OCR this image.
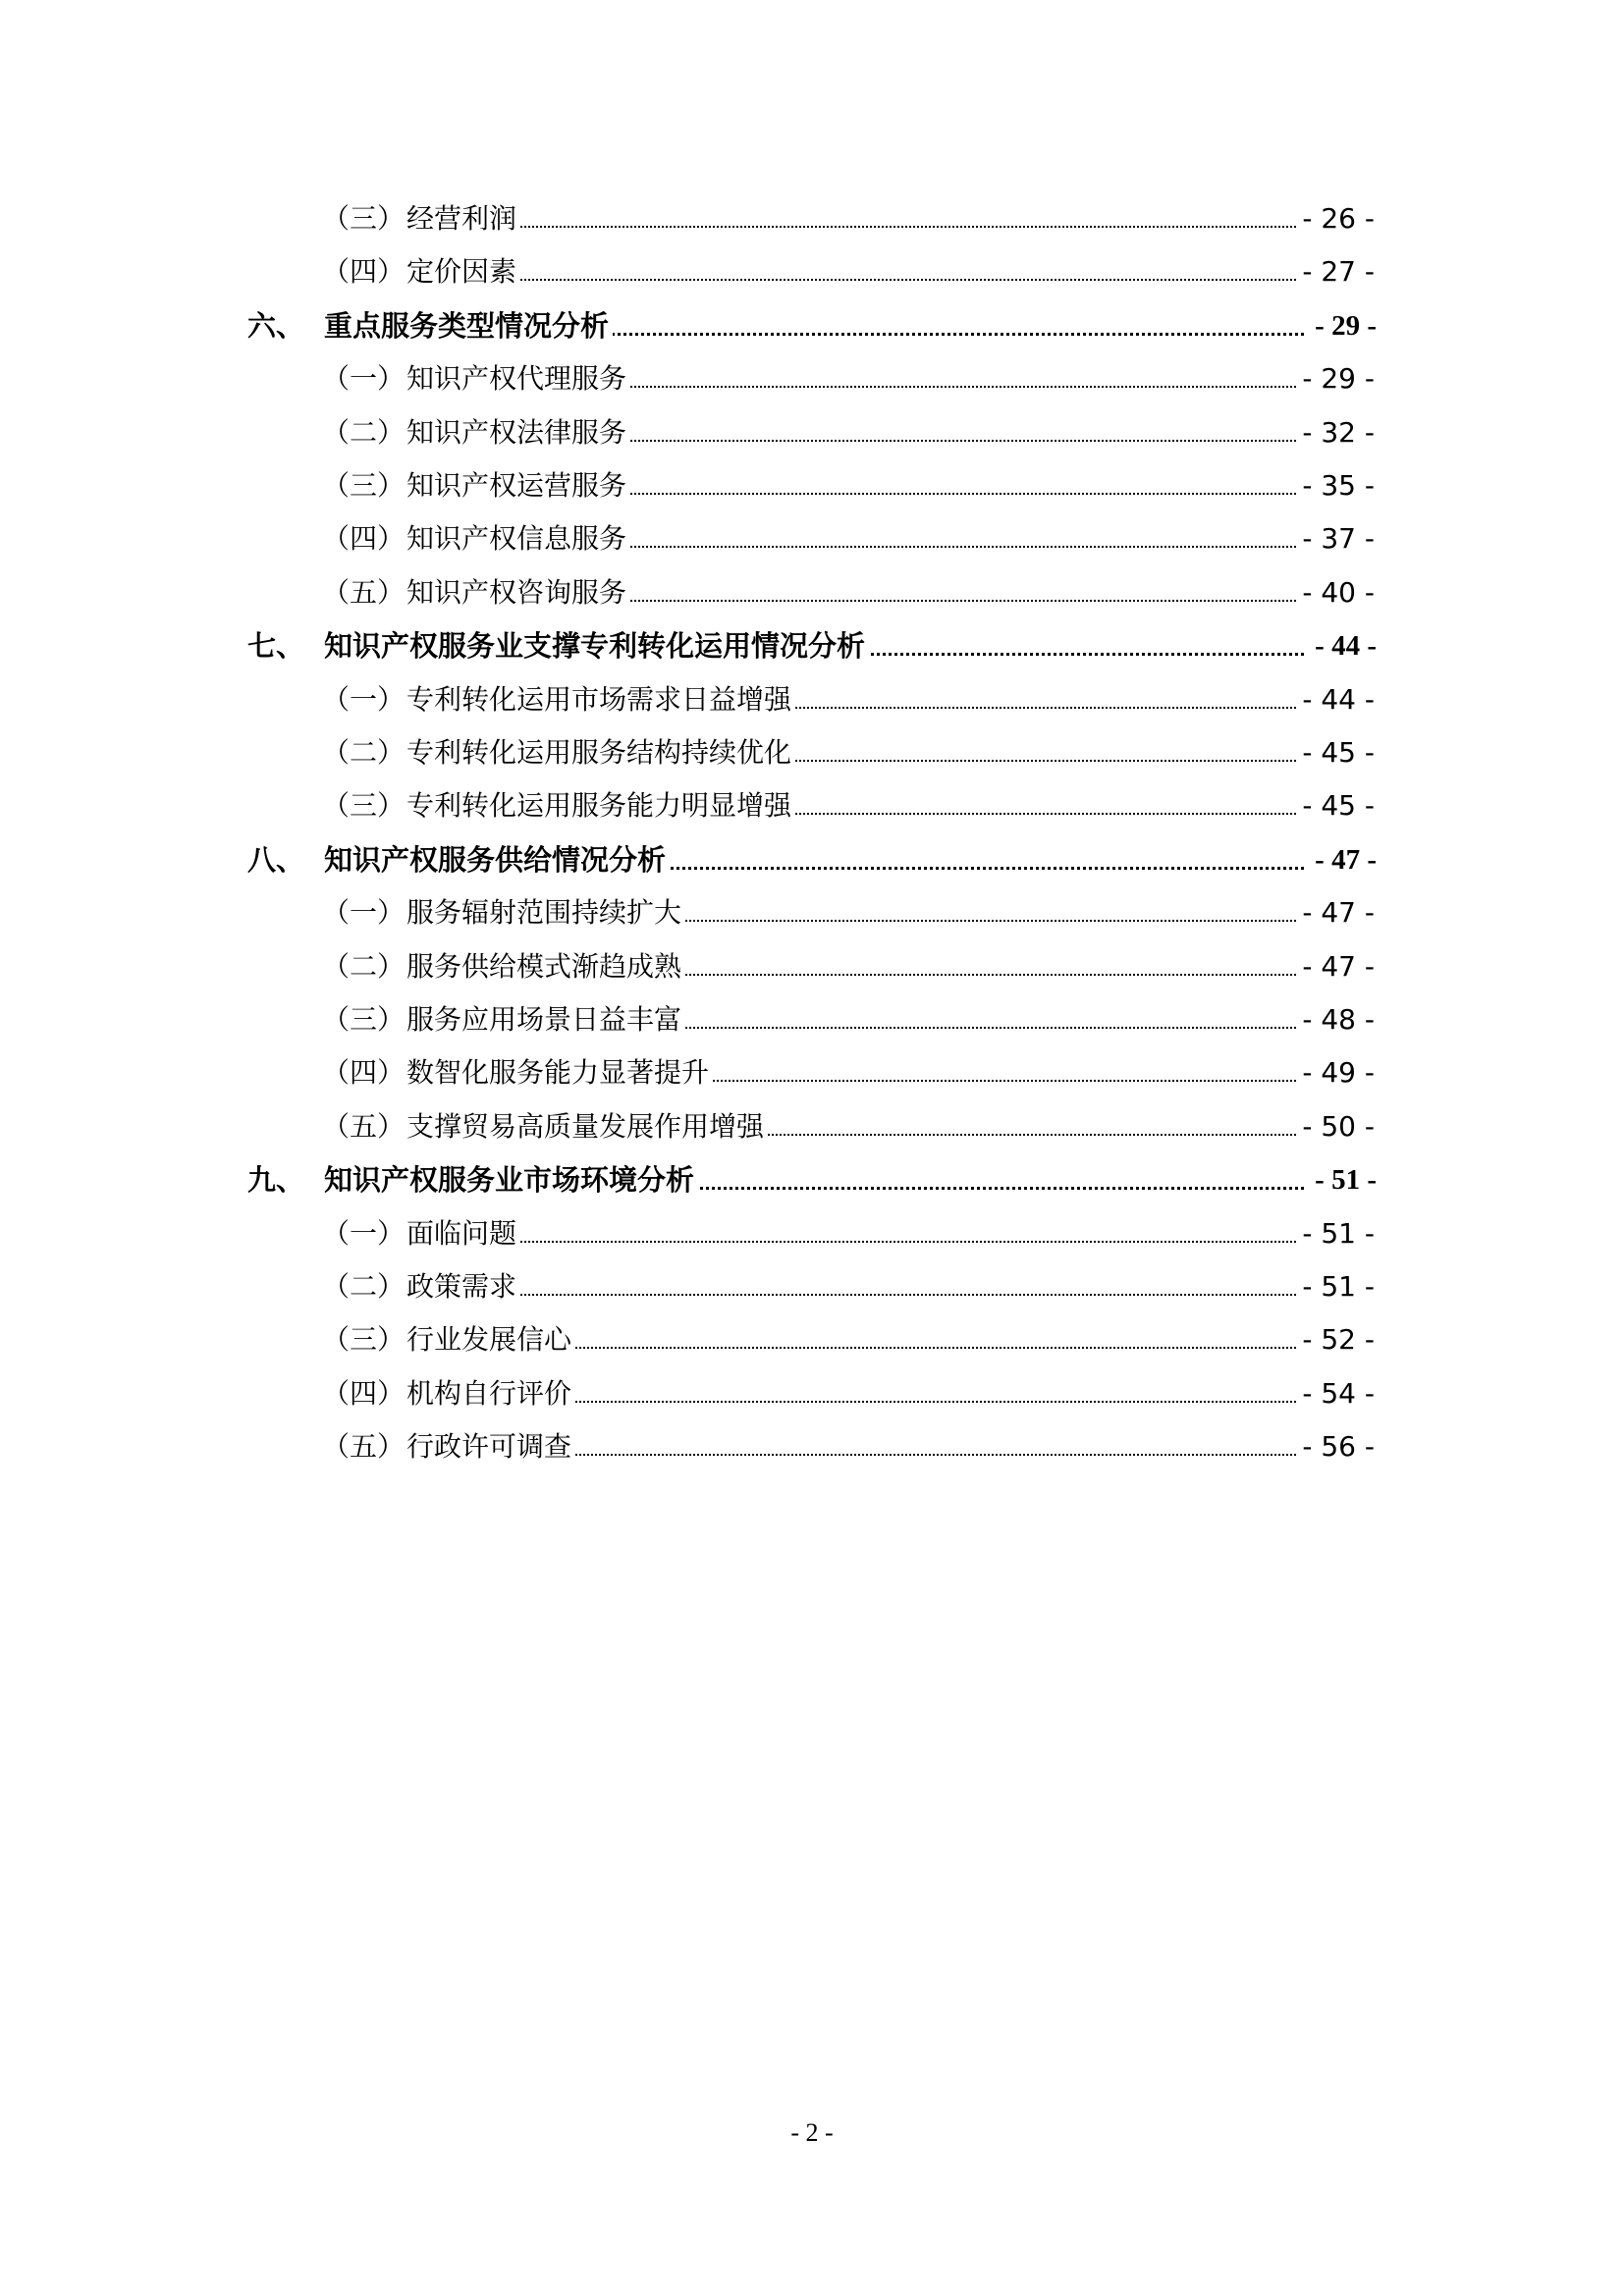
（三） 经营利润	- 26 -
（四） 定价因素	- 27 -
六、 重点服务类型情况分析	- 29 -
（一） 知识产权代理服务	- 29 -
（二） 知识产权法律服务	- 32 -
（三） 知识产权运营服务	- 35 -
（四） 知识产权信息服务	- 37 -
（五） 知识产权咨询服务	- 40 -
七、 知识产权服务业支撑专利转化运用情况分析	- 44 -
（一） 专利转化运用市场需求日益增强	- 44 -
（二） 专利转化运用服务结构持续优化	- 45 -
（三） 专利转化运用服务能力明显增强	- 45 -
八、 知识产权服务供给情况分析	- 47 -
（一） 服务辐射范围持续扩大	- 47 -
（二） 服务供给模式渐趋成熟	- 47 -
（三） 服务应用场景日益丰富	- 48 -
（四） 数智化服务能力显著提升	- 49 -
（五） 支撑贸易高质量发展作用增强	- 50 -
九、 知识产权服务业市场环境分析	- 51 -
（一） 面临问题	- 51 -
（二） 政策需求	- 51 -
（三） 行业发展信心	- 52 -
（四） 机构自行评价	- 54 -
（五） 行政许可调查	- 56 -
- 2 -
